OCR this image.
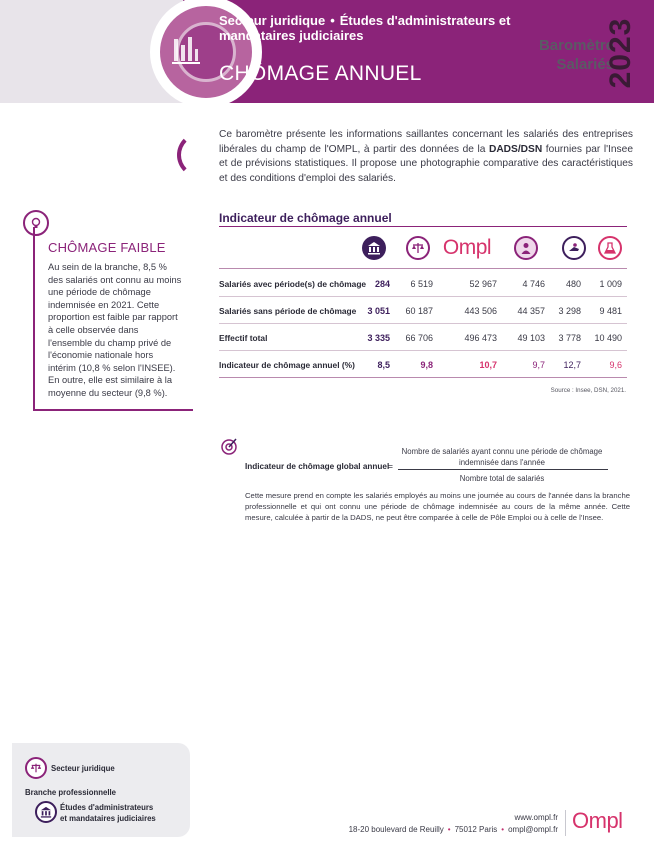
Baromètre
Salariés
Secteur juridique • Études d'administrateurs et mandataires judiciaires
CHÔMAGE ANNUEL	2023

Ce baromètre présente les informations saillantes concernant les salariés des entreprises libérales du champ de l'OMPL, à partir des données de la DADS/DSN fournies par l'Insee et de prévisions statistiques. Il propose une photographie comparative des caractéristiques et des conditions d'emploi des salariés.

CHÔMAGE FAIBLE

Au sein de la branche, 8,5 % des salariés ont connu au moins une période de chômage indemnisée en 2021. Cette proportion est faible par rapport à celle observée dans l'ensemble du champ privé de l'économie nationale hors intérim (10,8 % selon l'INSEE). En outre, elle est similaire à la moyenne du secteur (9,8 %).

Indicateur de chômage annuel
Ompl
Salariés avec période(s) de chômage 284	6 519	52 967	4 746	480	1 009
Salariés sans période de chômage	3 051	60 187	443 506	44 357	3 298	9 481
Effectif total	3 335	66 706	496 473	49 103	3 778	10 490
Indicateur de chômage annuel (%)	8,5	9,8	10,7	9,7	12,7	9,6
Source : Insee, DSN, 2021.
Indicateur de chômage global annuel
=
Nombre de salariés ayant connu une période de chômage indemnisée dans l'année
Nombre total de salariés

Cette mesure prend en compte les salariés employés au moins une journée au cours de l'année dans la branche professionnelle et qui ont connu une période de chômage indemnisée au cours de la même année. Cette mesure, calculée à partir de la DADS, ne peut être comparée à celle de Pôle Emploi ou à celle de l'Insee.

Secteur juridique
Branche professionnelle
Études d'administrateurs
et mandataires judiciaires	www.ompl.fr
18-20 boulevard de Reuilly • 75012 Paris • ompl@ompl.fr Ompl
